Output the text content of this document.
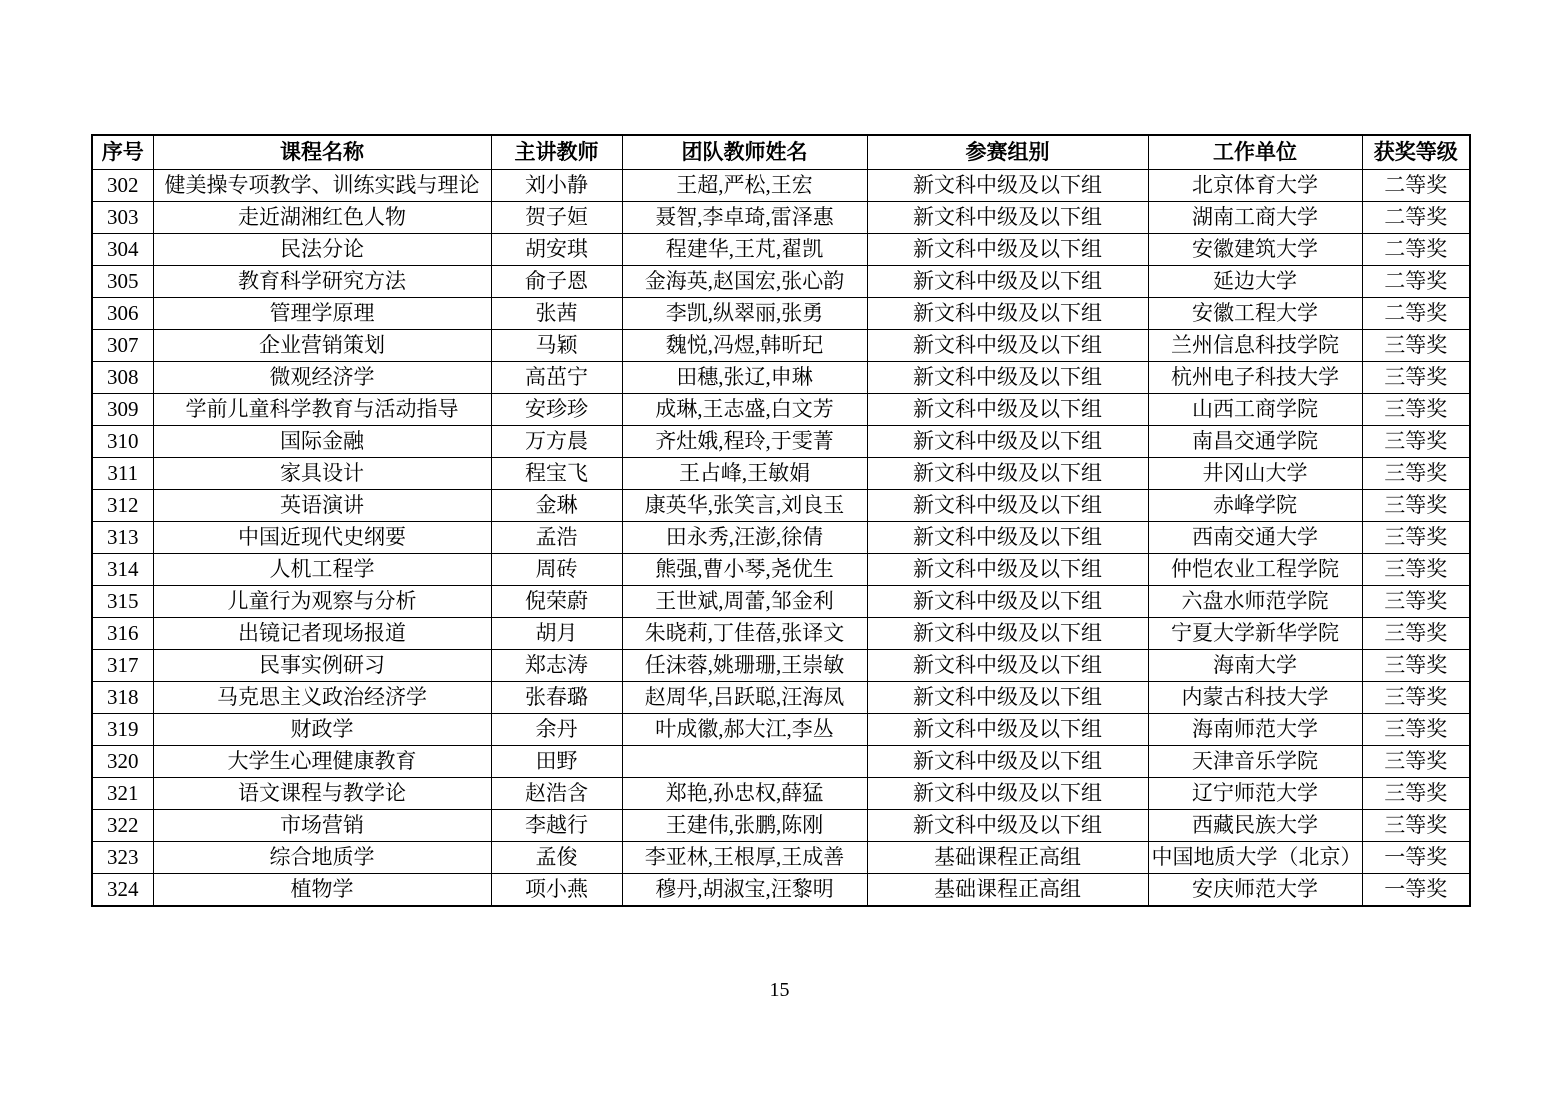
序号	课程名称	主讲教师	团队教师姓名	参赛组别	工作单位	获奖等级
302	健美操专项教学、训练实践与理论	刘小静	王超,严松,王宏	新文科中级及以下组	北京体育大学	二等奖
303	走近湖湘红色人物	贺子姮	聂智,李卓琦,雷泽惠	新文科中级及以下组	湖南工商大学	二等奖
304	民法分论	胡安琪	程建华,王芃,翟凯	新文科中级及以下组	安徽建筑大学	二等奖
305	教育科学研究方法	俞子恩	金海英,赵国宏,张心韵	新文科中级及以下组	延边大学	二等奖
306	管理学原理	张茜	李凯,纵翠丽,张勇	新文科中级及以下组	安徽工程大学	二等奖
307	企业营销策划	马颖	魏悦,冯煜,韩昕玘	新文科中级及以下组	兰州信息科技学院	三等奖
308	微观经济学	高茁宁	田穗,张辽,申琳	新文科中级及以下组	杭州电子科技大学	三等奖
309	学前儿童科学教育与活动指导	安珍珍	成琳,王志盛,白文芳	新文科中级及以下组	山西工商学院	三等奖
310	国际金融	万方晨	齐灶娥,程玲,于雯菁	新文科中级及以下组	南昌交通学院	三等奖
311	家具设计	程宝飞	王占峰,王敏娟	新文科中级及以下组	井冈山大学	三等奖
312	英语演讲	金琳	康英华,张笑言,刘良玉	新文科中级及以下组	赤峰学院	三等奖
313	中国近现代史纲要	孟浩	田永秀,汪澎,徐倩	新文科中级及以下组	西南交通大学	三等奖
314	人机工程学	周砖	熊强,曹小琴,尧优生	新文科中级及以下组	仲恺农业工程学院	三等奖
315	儿童行为观察与分析	倪荣蔚	王世斌,周蕾,邹金利	新文科中级及以下组	六盘水师范学院	三等奖
316	出镜记者现场报道	胡月	朱晓莉,丁佳蓓,张译文	新文科中级及以下组	宁夏大学新华学院	三等奖
317	民事实例研习	郑志涛	任沫蓉,姚珊珊,王崇敏	新文科中级及以下组	海南大学	三等奖
318	马克思主义政治经济学	张春璐	赵周华,吕跃聪,汪海凤	新文科中级及以下组	内蒙古科技大学	三等奖
319	财政学	余丹	叶成徽,郝大江,李丛	新文科中级及以下组	海南师范大学	三等奖
320	大学生心理健康教育	田野		新文科中级及以下组	天津音乐学院	三等奖
321	语文课程与教学论	赵浩含	郑艳,孙忠权,薛猛	新文科中级及以下组	辽宁师范大学	三等奖
322	市场营销	李越行	王建伟,张鹏,陈刚	新文科中级及以下组	西藏民族大学	三等奖
323	综合地质学	孟俊	李亚林,王根厚,王成善	基础课程正高组	中国地质大学（北京）	一等奖
324	植物学	项小燕	穆丹,胡淑宝,汪黎明	基础课程正高组	安庆师范大学	一等奖
15
